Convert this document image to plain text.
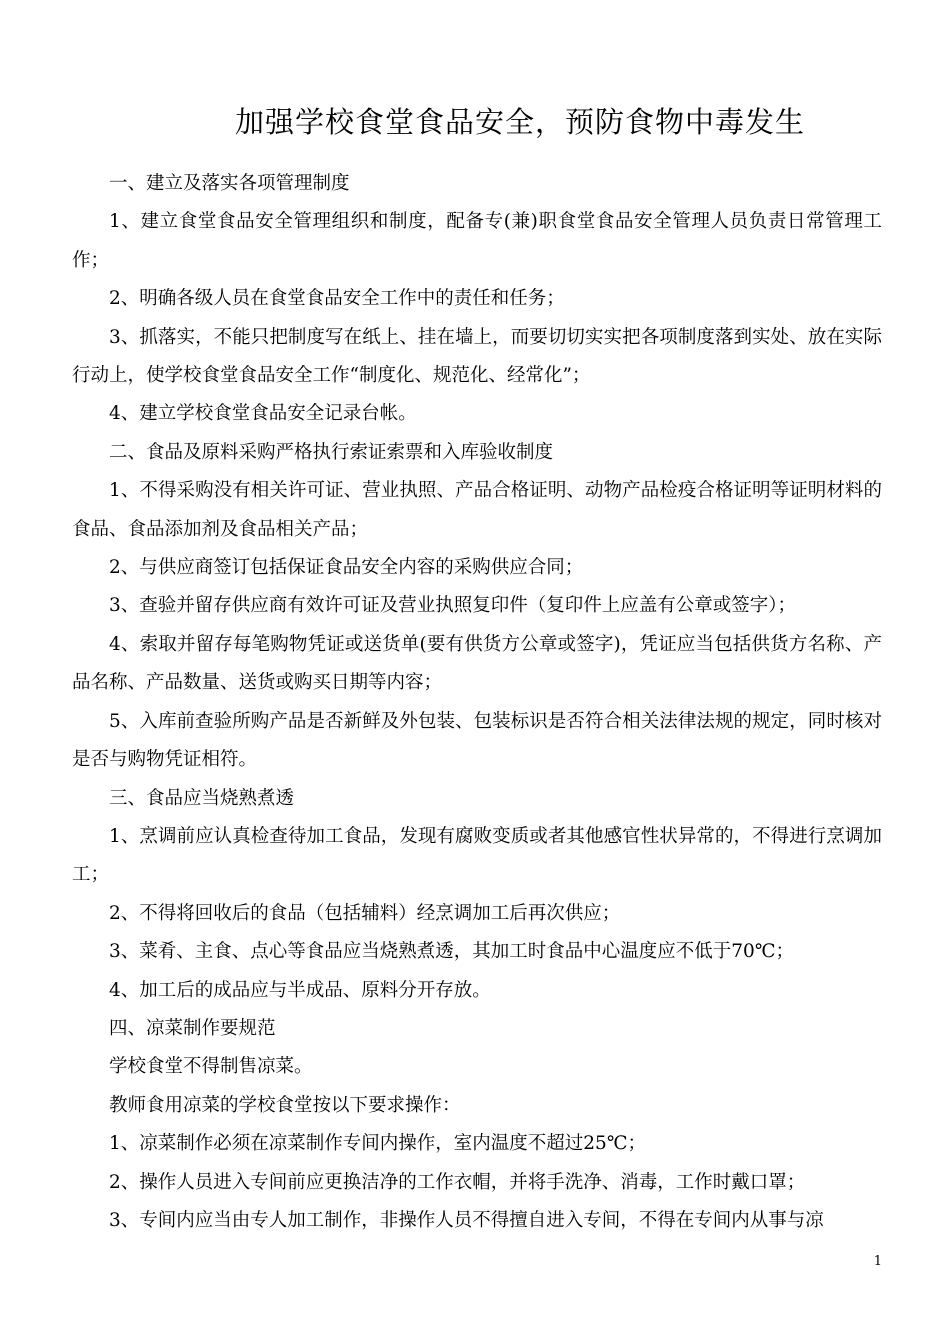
加强学校食堂食品安全，预防食物中毒发生

一、建立及落实各项管理制度

1、建立食堂食品安全管理组织和制度，配备专(兼)职食堂食品安全管理人员负责日常管理工作；

2、明确各级人员在食堂食品安全工作中的责任和任务；

3、抓落实，不能只把制度写在纸上、挂在墙上，而要切切实实把各项制度落到实处、放在实际行动上，使学校食堂食品安全工作“制度化、规范化、经常化”；

4、建立学校食堂食品安全记录台帐。

二、食品及原料采购严格执行索证索票和入库验收制度

1、不得采购没有相关许可证、营业执照、产品合格证明、动物产品检疫合格证明等证明材料的食品、食品添加剂及食品相关产品；

2、与供应商签订包括保证食品安全内容的采购供应合同；

3、查验并留存供应商有效许可证及营业执照复印件（复印件上应盖有公章或签字）；

4、索取并留存每笔购物凭证或送货单(要有供货方公章或签字)，凭证应当包括供货方名称、产品名称、产品数量、送货或购买日期等内容；

5、入库前查验所购产品是否新鲜及外包装、包装标识是否符合相关法律法规的规定，同时核对是否与购物凭证相符。

三、食品应当烧熟煮透

1、烹调前应认真检查待加工食品，发现有腐败变质或者其他感官性状异常的，不得进行烹调加工；

2、不得将回收后的食品（包括辅料）经烹调加工后再次供应；

3、菜肴、主食、点心等食品应当烧熟煮透，其加工时食品中心温度应不低于70℃；

4、加工后的成品应与半成品、原料分开存放。

四、凉菜制作要规范

学校食堂不得制售凉菜。

教师食用凉菜的学校食堂按以下要求操作：

1、凉菜制作必须在凉菜制作专间内操作，室内温度不超过25℃；

2、操作人员进入专间前应更换洁净的工作衣帽，并将手洗净、消毒，工作时戴口罩；

3、专间内应当由专人加工制作，非操作人员不得擅自进入专间，不得在专间内从事与凉

1
